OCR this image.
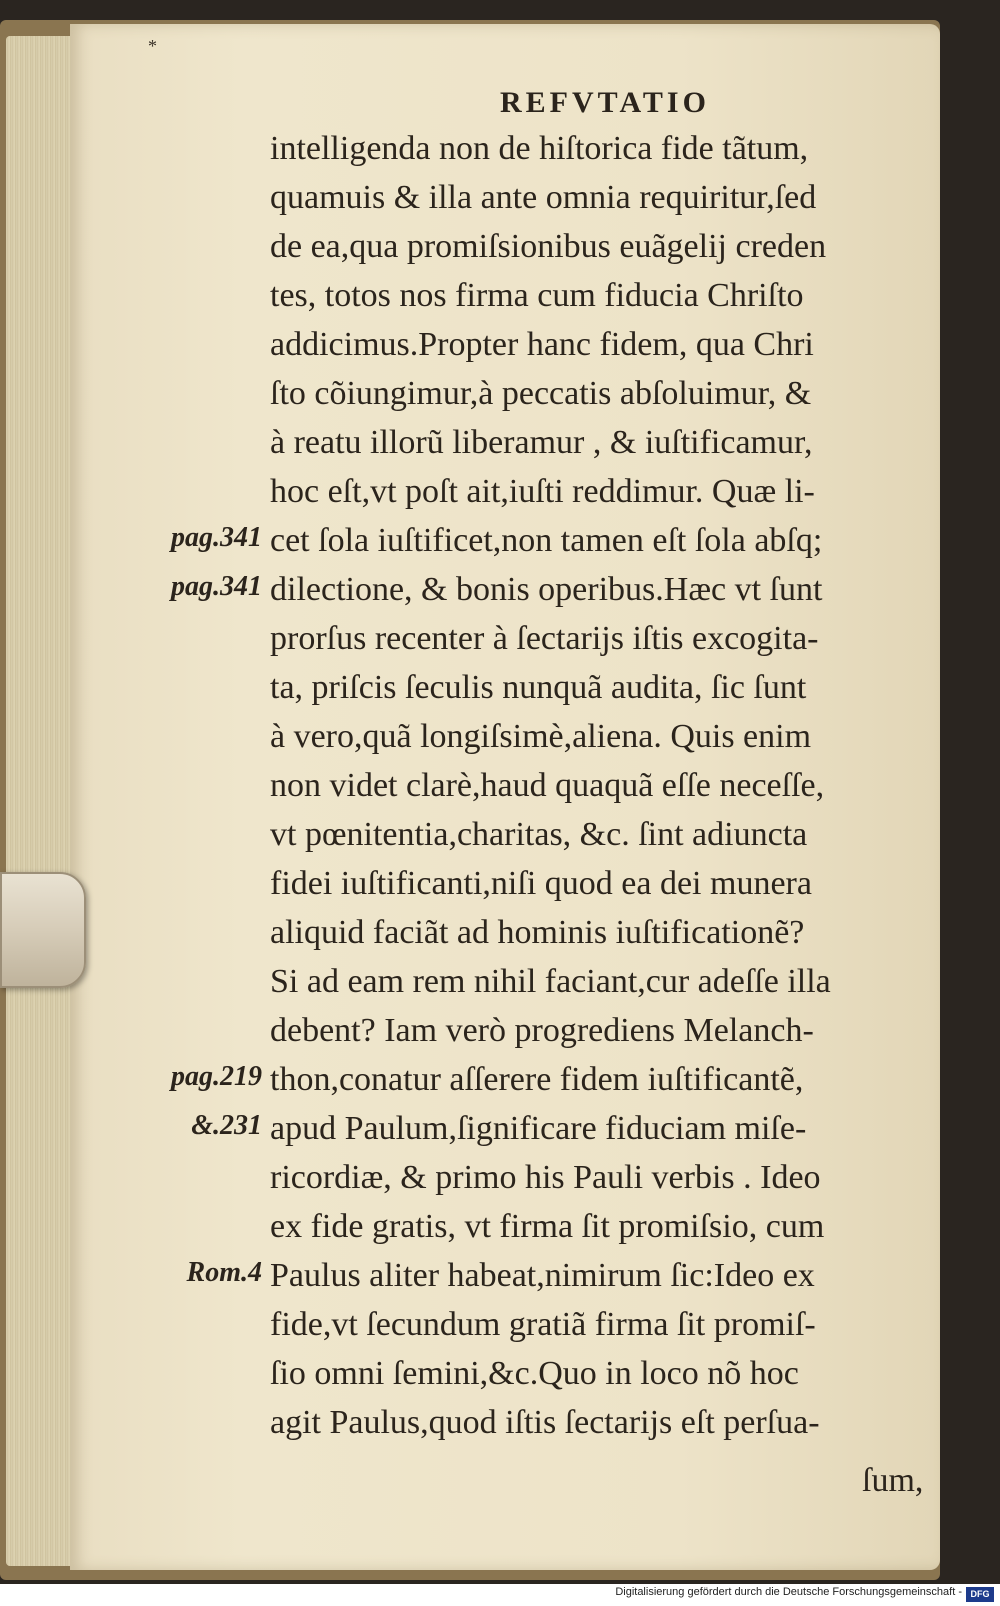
*
REFVTATIO
intelligenda non de hiſtorica fide tãtum,
quamuis & illa ante omnia requiritur,ſed
de ea,qua promiſsionibus euãgelij creden
tes, totos nos firma cum fiducia Chriſto
addicimus.Propter hanc fidem, qua Chri
ſto cõiungimur,à peccatis abſoluimur, &
à reatu illorũ liberamur , & iuſtificamur,
hoc eſt,vt poſt ait,iuſti reddimur. Quæ li-
cet ſola iuſtificet,non tamen eſt ſola abſq;
dilectione, & bonis operibus.Hæc vt ſunt
prorſus recenter à ſectarijs iſtis excogita-
ta, priſcis ſeculis nunquã audita, ſic ſunt
à vero,quã longiſsimè,aliena. Quis enim
non videt clarè,haud quaquã eſſe neceſſe,
vt pœnitentia,charitas, &c. ſint adiuncta
fidei iuſtificanti,niſi quod ea dei munera
aliquid faciãt ad hominis iuſtificationẽ?
Si ad eam rem nihil faciant,cur adeſſe illa
debent? Iam verò progrediens Melanch-
thon,conatur aſſerere fidem iuſtificantẽ,
apud Paulum,ſignificare fiduciam miſe-
ricordiæ, & primo his Pauli verbis . Ideo
ex fide gratis, vt firma ſit promiſsio, cum
Paulus aliter habeat,nimirum ſic:Ideo ex
fide,vt ſecundum gratiã firma ſit promiſ-
ſio omni ſemini,&c.Quo in loco nõ hoc
agit Paulus,quod iſtis ſectarijs eſt perſua-
pag.341
pag.341
pag.219
&.231
Rom.4
ſum,
Digitalisierung gefördert durch die Deutsche Forschungsgemeinschaft - DFG
